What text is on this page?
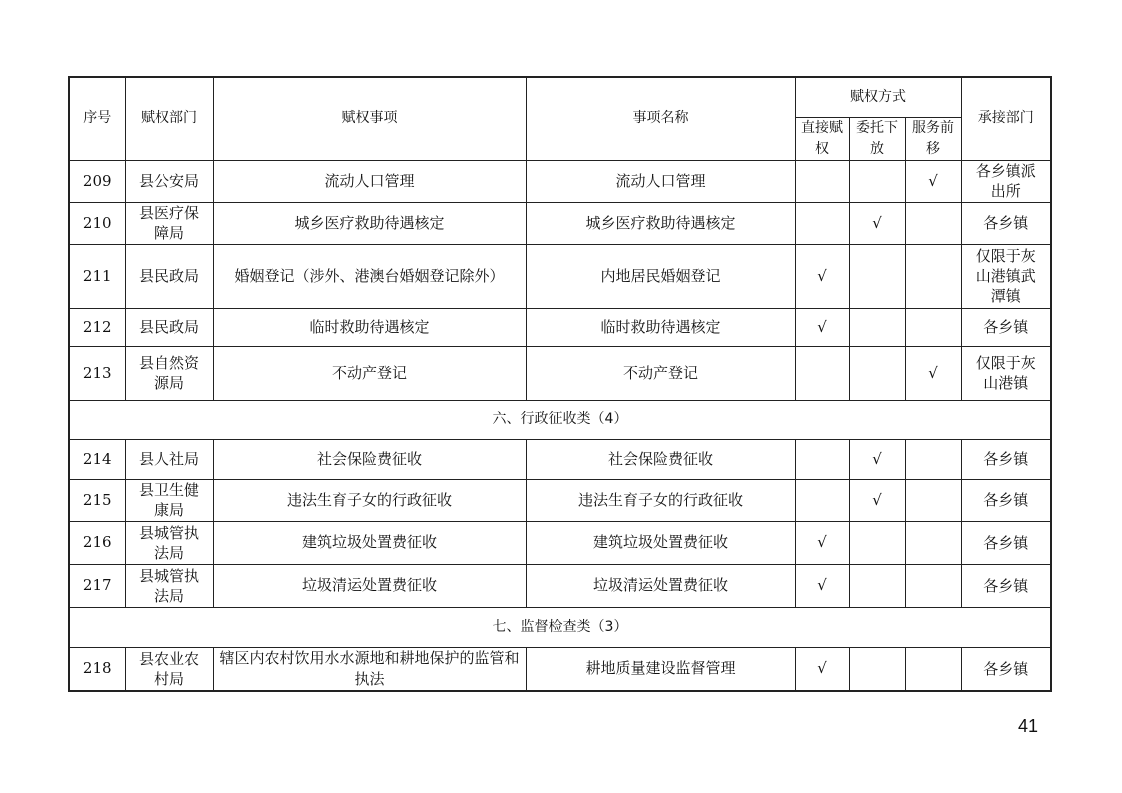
序号	赋权部门	赋权事项	事项名称	赋权方式			承接部门
				直接赋权	委托下放	服务前移	
209	县公安局	流动人口管理	流动人口管理			√	各乡镇派出所
210	县医疗保障局	城乡医疗救助待遇核定	城乡医疗救助待遇核定		√		各乡镇
211	县民政局	婚姻登记（涉外、港澳台婚姻登记除外）	内地居民婚姻登记	√			仅限于灰山港镇武潭镇
212	县民政局	临时救助待遇核定	临时救助待遇核定	√			各乡镇
213	县自然资源局	不动产登记	不动产登记			√	仅限于灰山港镇
六、行政征收类（4）							
214	县人社局	社会保险费征收	社会保险费征收		√		各乡镇
215	县卫生健康局	违法生育子女的行政征收	违法生育子女的行政征收		√		各乡镇
216	县城管执法局	建筑垃圾处置费征收	建筑垃圾处置费征收	√			各乡镇
217	县城管执法局	垃圾清运处置费征收	垃圾清运处置费征收	√			各乡镇
七、监督检查类（3）							
218	县农业农村局	辖区内农村饮用水水源地和耕地保护的监管和执法	耕地质量建设监督管理	√			各乡镇
41
